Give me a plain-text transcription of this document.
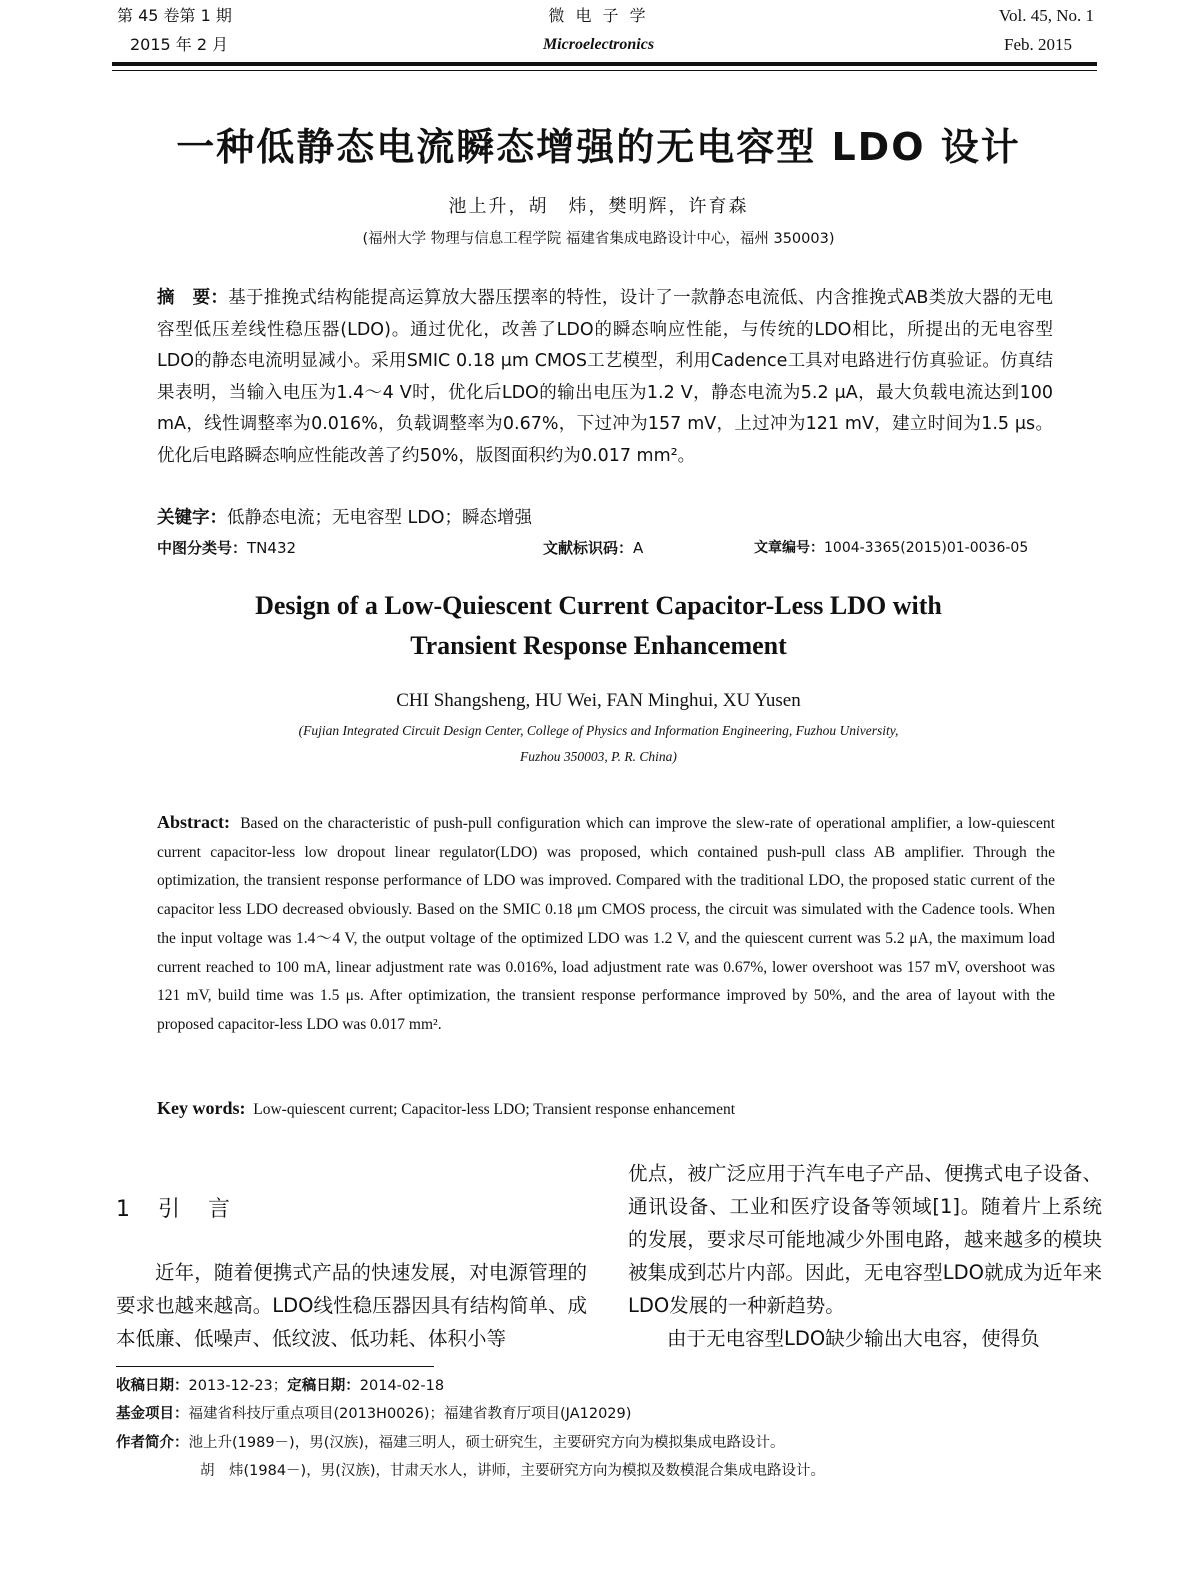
第 45 卷第 1 期
2015 年 2 月
微 电 子 学
Microelectronics
Vol. 45, No. 1
Feb. 2015
一种低静态电流瞬态增强的无电容型 LDO 设计
池上升，胡　炜，樊明辉，许育森
(福州大学 物理与信息工程学院 福建省集成电路设计中心，福州 350003)
摘　要：基于推挽式结构能提高运算放大器压摆率的特性，设计了一款静态电流低、内含推挽式AB类放大器的无电容型低压差线性稳压器(LDO)。通过优化，改善了LDO的瞬态响应性能，与传统的LDO相比，所提出的无电容型LDO的静态电流明显减小。采用SMIC 0.18 μm CMOS工艺模型，利用Cadence工具对电路进行仿真验证。仿真结果表明，当输入电压为1.4～4 V时，优化后LDO的输出电压为1.2 V，静态电流为5.2 μA，最大负载电流达到100 mA，线性调整率为0.016%，负载调整率为0.67%，下过冲为157 mV，上过冲为121 mV，建立时间为1.5 μs。优化后电路瞬态响应性能改善了约50%，版图面积约为0.017 mm²。
关键字：低静态电流；无电容型 LDO；瞬态增强
中图分类号：TN432	文献标识码：A	文章编号：1004-3365(2015)01-0036-05
Design of a Low-Quiescent Current Capacitor-Less LDO with
Transient Response Enhancement
CHI Shangsheng, HU Wei, FAN Minghui, XU Yusen
(Fujian Integrated Circuit Design Center, College of Physics and Information Engineering, Fuzhou University,
Fuzhou 350003, P. R. China)
Abstract: Based on the characteristic of push-pull configuration which can improve the slew-rate of operational amplifier, a low-quiescent current capacitor-less low dropout linear regulator(LDO) was proposed, which contained push-pull class AB amplifier. Through the optimization, the transient response performance of LDO was improved. Compared with the traditional LDO, the proposed static current of the capacitor less LDO decreased obviously. Based on the SMIC 0.18 μm CMOS process, the circuit was simulated with the Cadence tools. When the input voltage was 1.4～4 V, the output voltage of the optimized LDO was 1.2 V, and the quiescent current was 5.2 μA, the maximum load current reached to 100 mA, linear adjustment rate was 0.016%, load adjustment rate was 0.67%, lower overshoot was 157 mV, overshoot was 121 mV, build time was 1.5 μs. After optimization, the transient response performance improved by 50%, and the area of layout with the proposed capacitor-less LDO was 0.017 mm².
Key words: Low-quiescent current; Capacitor-less LDO; Transient response enhancement
1　引　言
近年，随着便携式产品的快速发展，对电源管理的要求也越来越高。LDO线性稳压器因具有结构简单、成本低廉、低噪声、低纹波、低功耗、体积小等
优点，被广泛应用于汽车电子产品、便携式电子设备、通讯设备、工业和医疗设备等领域[1]。随着片上系统的发展，要求尽可能地减少外围电路，越来越多的模块被集成到芯片内部。因此，无电容型LDO就成为近年来LDO发展的一种新趋势。
由于无电容型LDO缺少输出大电容，使得负
收稿日期：2013-12-23；定稿日期：2014-02-18
基金项目：福建省科技厅重点项目(2013H0026)；福建省教育厅项目(JA12029)
作者简介：池上升(1989－)，男(汉族)，福建三明人，硕士研究生，主要研究方向为模拟集成电路设计。
胡　炜(1984－)，男(汉族)，甘肃天水人，讲师，主要研究方向为模拟及数模混合集成电路设计。
